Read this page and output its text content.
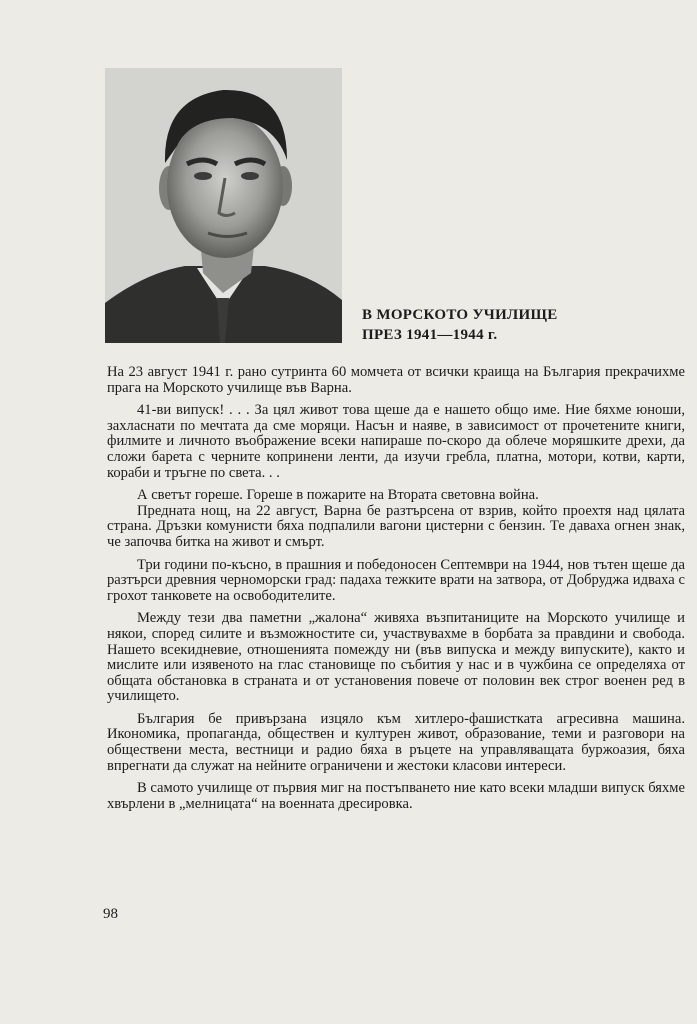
В МОРСКОТО УЧИЛИЩЕ
ПРЕЗ 1941—1944 г.

На 23 август 1941 г. рано сутринта 60 момчета от всички краища на България прекрачихме прага на Морското училище във Варна.

41-ви випуск! . . . За цял живот това щеше да е нашето общо име. Ние бяхме юноши, захласнати по мечтата да сме моряци. Насън и наяве, в зависимост от прочетените книги, филмите и личното въображение всеки напираше по-скоро да облече моряшките дрехи, да сложи барета с черните копринени ленти, да изучи гребла, платна, мотори, котви, карти, кораби и тръгне по света. . .

А светът гореше. Гореше в пожарите на Втората световна война.

Предната нощ, на 22 август, Варна бе разтърсена от взрив, който проехтя над цялата страна. Дръзки комунисти бяха подпалили вагони цистерни с бензин. Те даваха огнен знак, че започва битка на живот и смърт.

Три години по-късно, в прашния и победоносен Септември на 1944, нов тътен щеше да разтърси древния черноморски град: падаха тежките врати на затвора, от Добруджа идваха с грохот танковете на освободителите.

Между тези два паметни „жалона“ живяха възпитаниците на Морското училище и някои, според силите и възможностите си, участвувахме в борбата за правдини и свобода. Нашето всекидневие, отношенията помежду ни (във випуска и между випуските), както и мислите или изявеното на глас становище по събития у нас и в чужбина се определяха от общата обстановка в страната и от установения повече от половин век строг военен ред в училището.

България бе привързана изцяло към хитлеро-фашистката агресивна машина. Икономика, пропаганда, обществен и културен живот, образование, теми и разговори на обществени места, вестници и радио бяха в ръцете на управляващата буржоазия, бяха впрегнати да служат на нейните ограничени и жестоки класови интереси.

В самото училище от първия миг на постъпването ние като всеки младши випуск бяхме хвърлени в „мелницата“ на военната дресировка.

98
